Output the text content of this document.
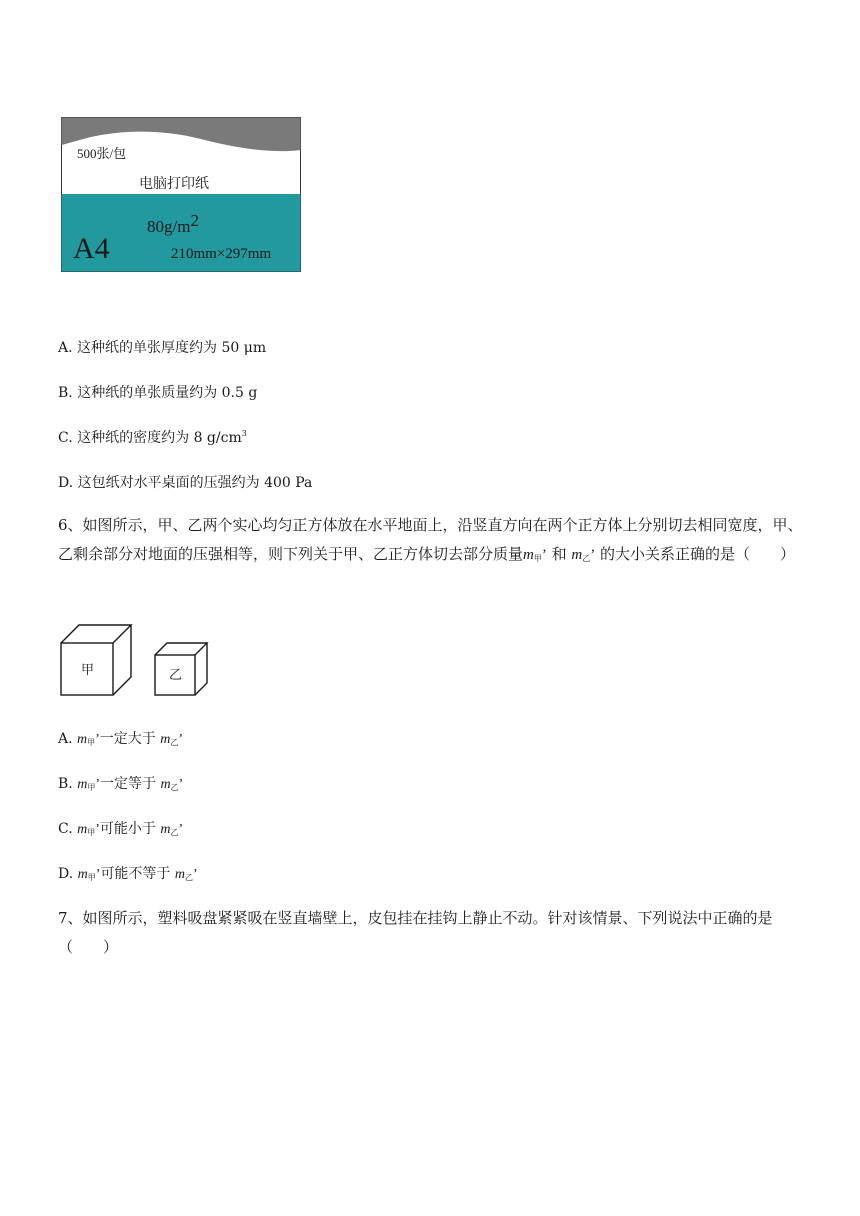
500张/包
电脑打印纸
A4
80g/m2
210mm×297mm
A. 这种纸的单张厚度约为 50 μm
B. 这种纸的单张质量约为 0.5 g
C. 这种纸的密度约为 8 $g/cm^3$
D. 这包纸对水平桌面的压强约为 400 Pa
6、如图所示，甲、乙两个实心均匀正方体放在水平地面上，沿竖直方向在两个正方体上分别切去相同宽度，甲、乙剩余部分对地面的压强相等，则下列关于甲、乙正方体切去部分质量$m_甲$’ 和 $m_乙$’ 的大小关系正确的是（　　）
甲	乙
A. $m_甲$’一定大于 $m_乙$’
B. $m_甲$’一定等于 $m_乙$’
C. $m_甲$’可能小于 $m_乙$’
D. $m_甲$’可能不等于 $m_乙$’
7、如图所示，塑料吸盘紧紧吸在竖直墙壁上，皮包挂在挂钩上静止不动。针对该情景、下列说法中正确的是（　　）
